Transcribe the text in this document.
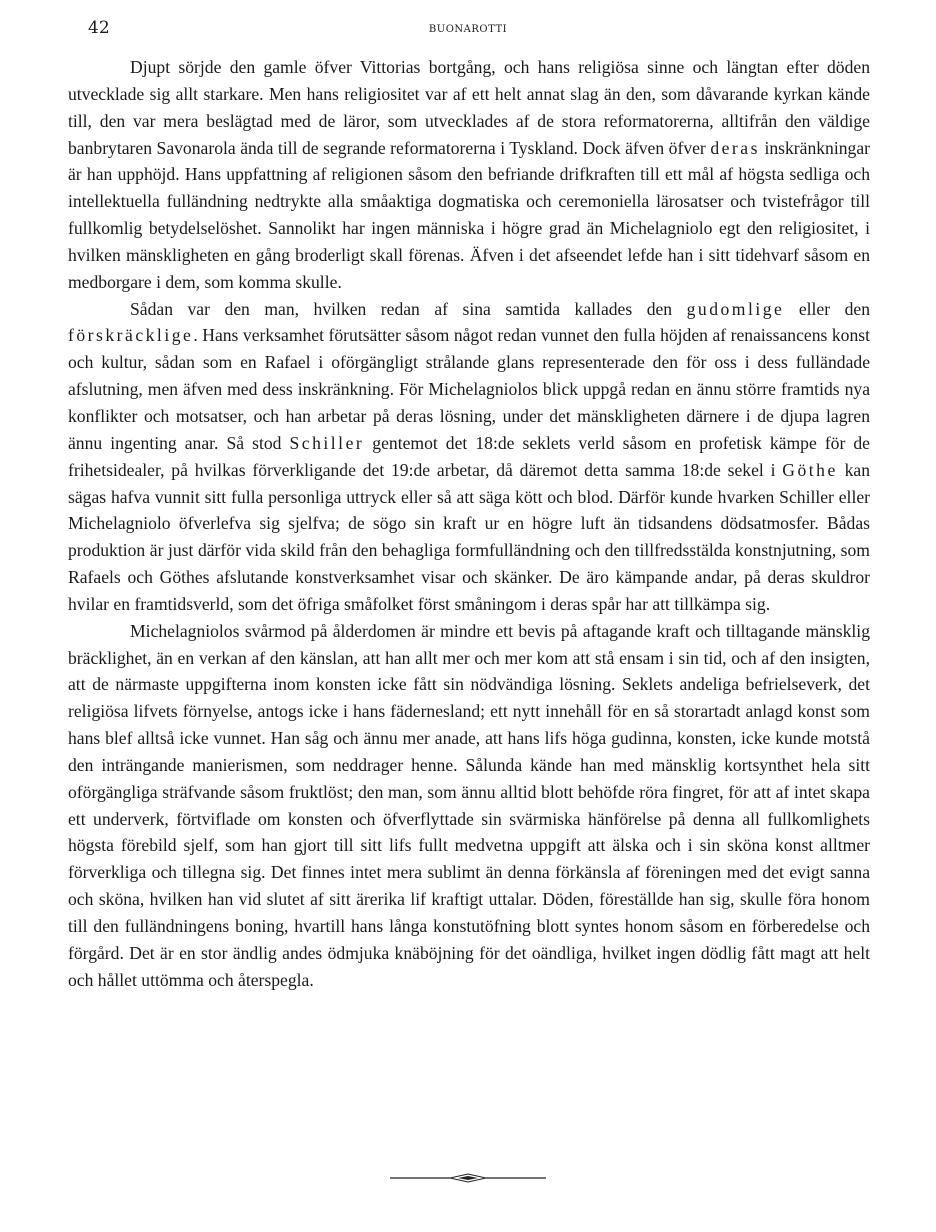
42	BUONAROTTI

Djupt sörjde den gamle öfver Vittorias bortgång, och hans religiösa sinne och längtan efter döden utvecklade sig allt starkare. Men hans religiositet var af ett helt annat slag än den, som dåvarande kyrkan kände till, den var mera beslägtad med de läror, som utvecklades af de stora reformatorerna, alltifrån den väldige banbrytaren Savonarola ända till de segrande reformatorerna i Tyskland. Dock äfven öfver deras inskränkningar är han upphöjd. Hans uppfattning af religionen såsom den befriande drifkraften till ett mål af högsta sedliga och intellektuella fulländning nedtrykte alla småaktiga dogmatiska och ceremoniella lärosatser och tvistefrågor till fullkomlig betydelselöshet. Sannolikt har ingen människa i högre grad än Michelagniolo egt den religiositet, i hvilken mänskligheten en gång broderligt skall förenas. Äfven i det afseendet lefde han i sitt tidehvarf såsom en medborgare i dem, som komma skulle.

Sådan var den man, hvilken redan af sina samtida kallades den gudomlige eller den förskräcklige. Hans verksamhet förutsätter såsom något redan vunnet den fulla höjden af renaissancens konst och kultur, sådan som en Rafael i oförgängligt strålande glans representerade den för oss i dess fulländade afslutning, men äfven med dess inskränkning. För Michelagniolos blick uppgå redan en ännu större framtids nya konflikter och motsatser, och han arbetar på deras lösning, under det mänskligheten därnere i de djupa lagren ännu ingenting anar. Så stod Schiller gentemot det 18:de seklets verld såsom en profetisk kämpe för de frihetsidealer, på hvilkas förverkligande det 19:de arbetar, då däremot detta samma 18:de sekel i Göthe kan sägas hafva vunnit sitt fulla personliga uttryck eller så att säga kött och blod. Därför kunde hvarken Schiller eller Michelagniolo öfverlefva sig sjelfva; de sögo sin kraft ur en högre luft än tidsandens dödsatmosfer. Bådas produktion är just därför vida skild från den behagliga formfulländning och den tillfredsstälda konstnjutning, som Rafaels och Göthes afslutande konstverksamhet visar och skänker. De äro kämpande andar, på deras skuldror hvilar en framtidsverld, som det öfriga småfolket först småningom i deras spår har att tillkämpa sig.

Michelagniolos svårmod på ålderdomen är mindre ett bevis på aftagande kraft och tilltagande mänsklig bräcklighet, än en verkan af den känslan, att han allt mer och mer kom att stå ensam i sin tid, och af den insigten, att de närmaste uppgifterna inom konsten icke fått sin nödvändiga lösning. Seklets andeliga befrielseverk, det religiösa lifvets förnyelse, antogs icke i hans fädernesland; ett nytt innehåll för en så storartadt anlagd konst som hans blef alltså icke vunnet. Han såg och ännu mer anade, att hans lifs höga gudinna, konsten, icke kunde motstå den inträngande manierismen, som neddrager henne. Sålunda kände han med mänsklig kortsynthet hela sitt oförgängliga sträfvande såsom fruktlöst; den man, som ännu alltid blott behöfde röra fingret, för att af intet skapa ett underverk, förtviflade om konsten och öfverflyttade sin svärmiska hänförelse på denna all fullkomlighets högsta förebild sjelf, som han gjort till sitt lifs fullt medvetna uppgift att älska och i sin sköna konst alltmer förverkliga och tillegna sig. Det finnes intet mera sublimt än denna förkänsla af föreningen med det evigt sanna och sköna, hvilken han vid slutet af sitt ärerika lif kraftigt uttalar. Döden, föreställde han sig, skulle föra honom till den fulländningens boning, hvartill hans långa konstutöfning blott syntes honom såsom en förberedelse och förgård. Det är en stor ändlig andes ödmjuka knäböjning för det oändliga, hvilket ingen dödlig fått magt att helt och hållet uttömma och återspegla.
